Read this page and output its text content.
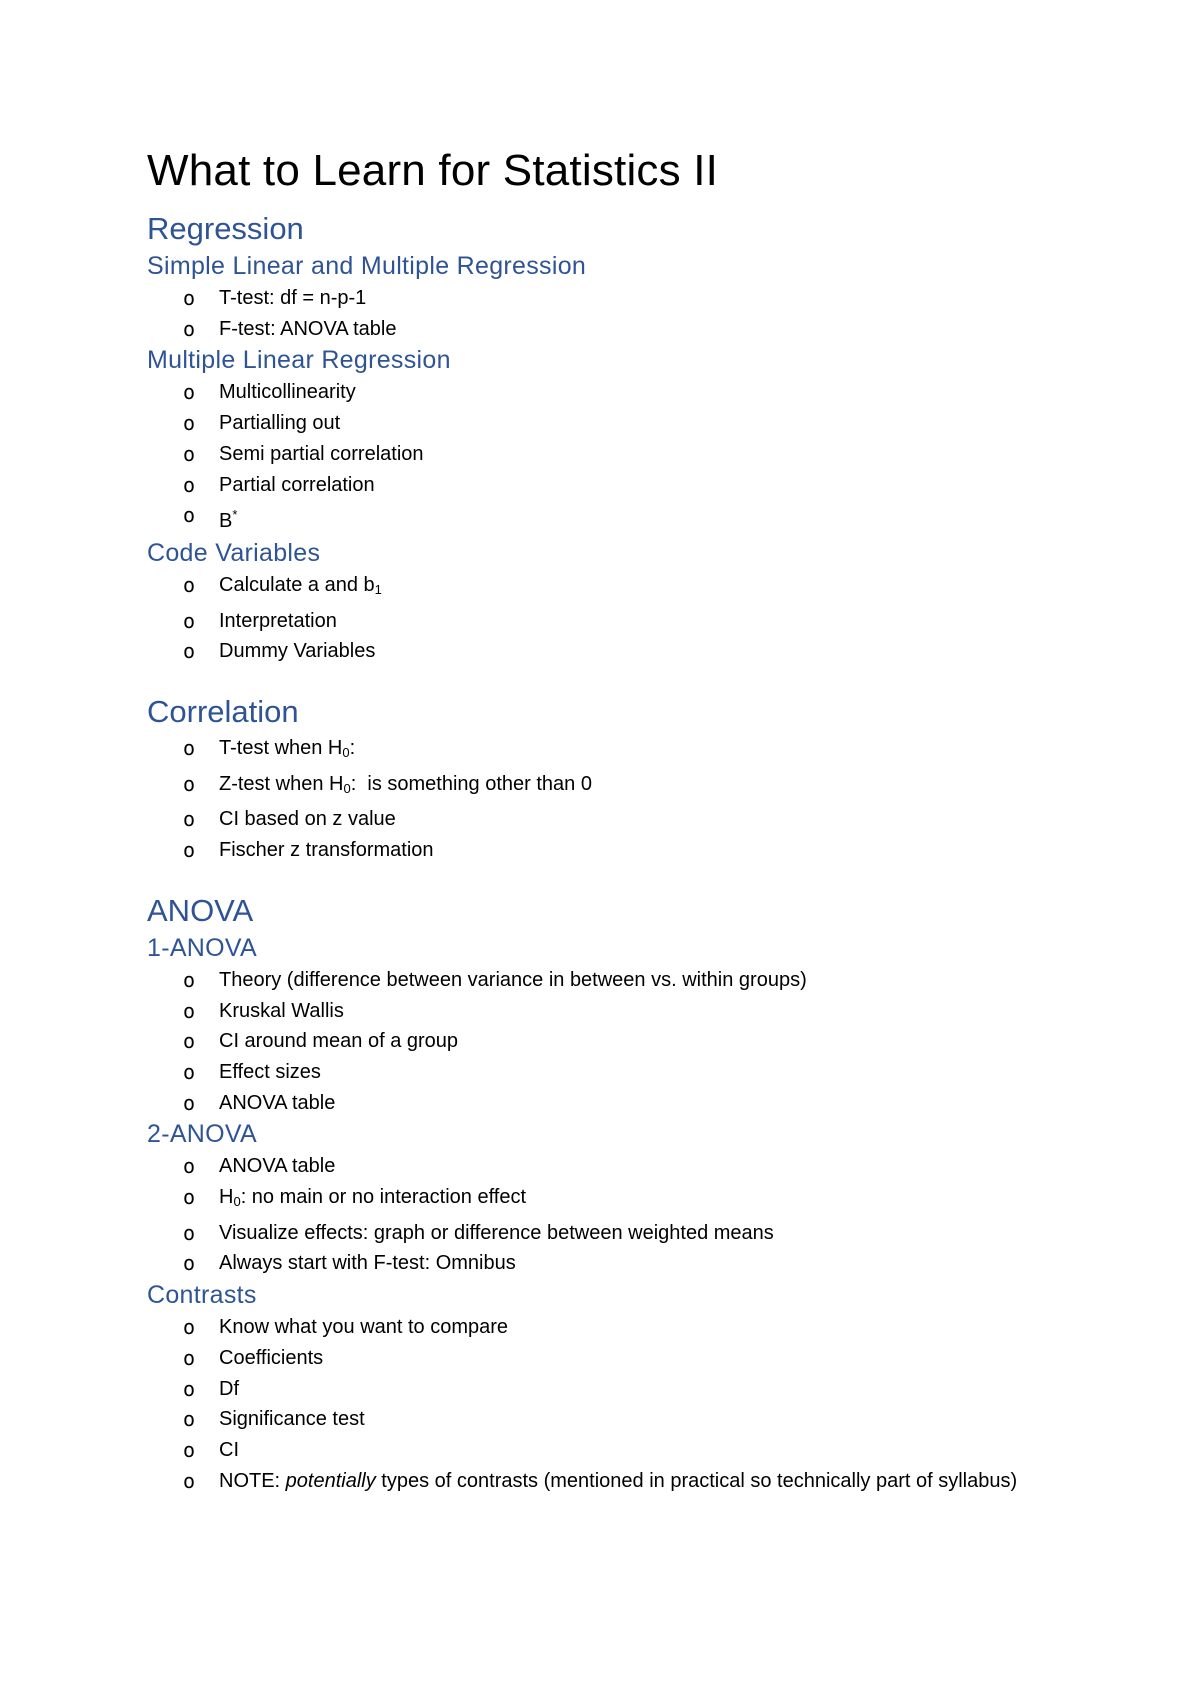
What to Learn for Statistics II
Regression
Simple Linear and Multiple Regression
o T-test: df = n-p-1
o F-test: ANOVA table
Multiple Linear Regression
o Multicollinearity
o Partialling out
o Semi partial correlation
o Partial correlation
o B*
Code Variables
o Calculate a and $b_1$
o Interpretation
o Dummy Variables
Correlation
o T-test when $H_0$:
o Z-test when $H_0$:  is something other than 0
o CI based on z value
o Fischer z transformation
ANOVA
1-ANOVA
o Theory (difference between variance in between vs. within groups)
o Kruskal Wallis
o CI around mean of a group
o Effect sizes
o ANOVA table
2-ANOVA
o ANOVA table
o $H_0$: no main or no interaction effect
o Visualize effects: graph or difference between weighted means
o Always start with F-test: Omnibus
Contrasts
o Know what you want to compare
o Coefficients
o Df
o Significance test
o CI
o NOTE: potentially types of contrasts (mentioned in practical so technically part of syllabus)
